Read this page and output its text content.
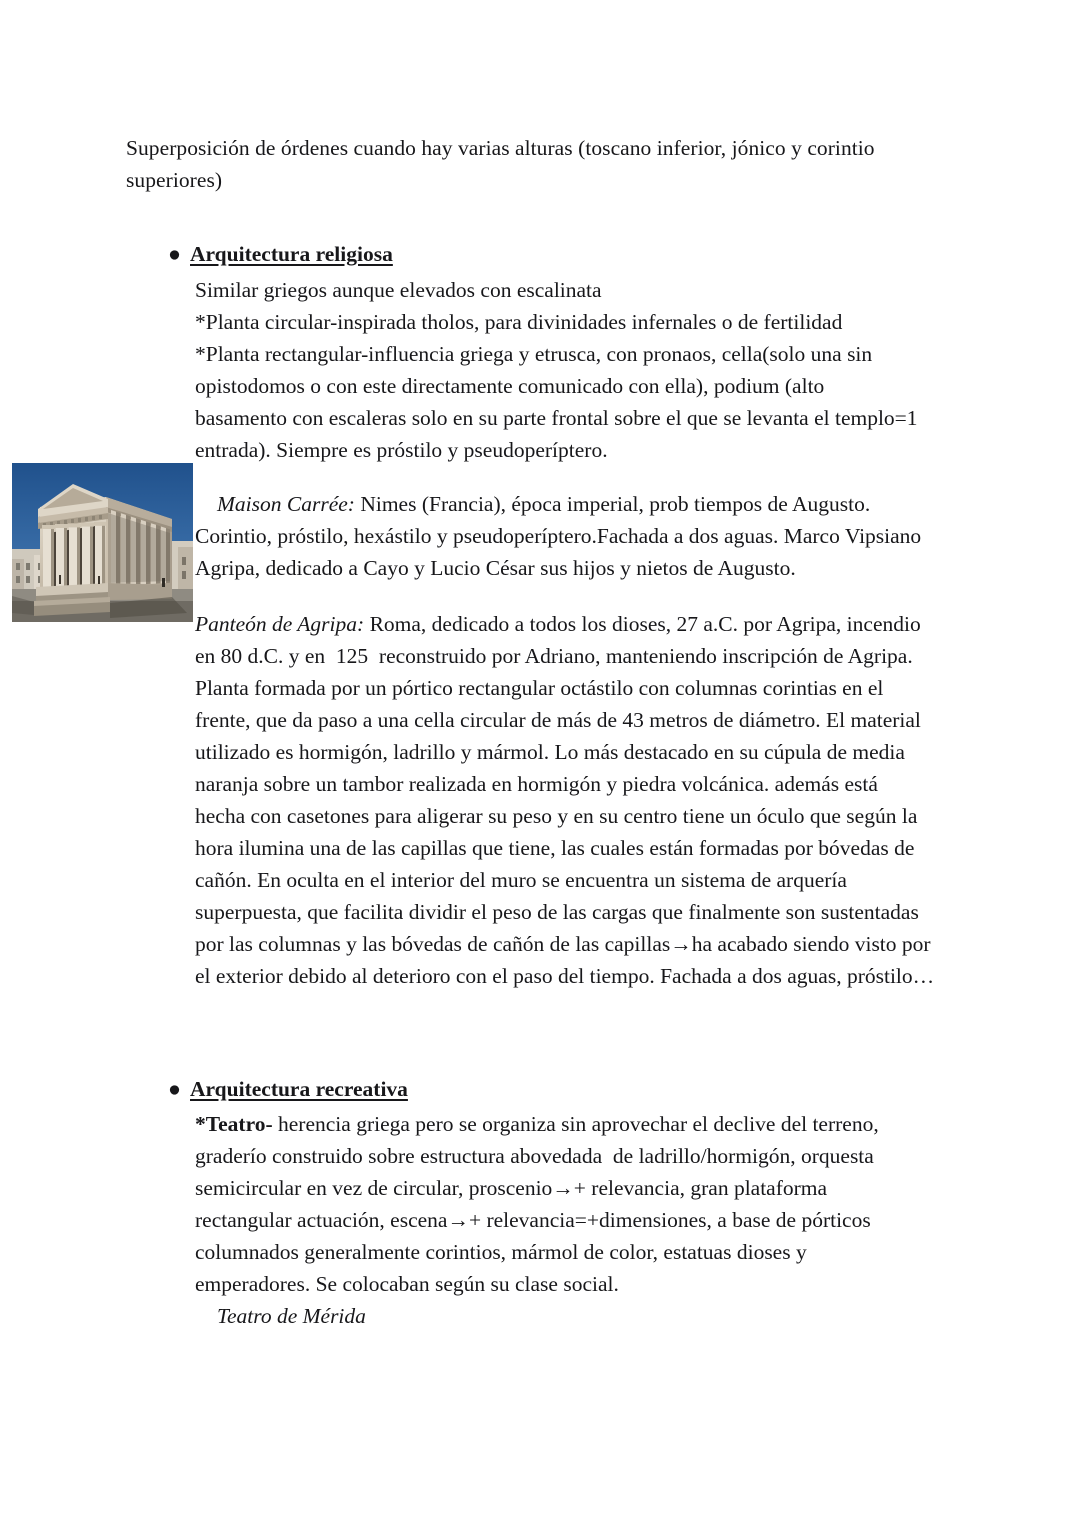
Superposición de órdenes cuando hay varias alturas (toscano inferior, jónico y corintio
superiores)
● Arquitectura religiosa
Similar griegos aunque elevados con escalinata
*Planta circular-inspirada tholos, para divinidades infernales o de fertilidad
*Planta rectangular-influencia griega y etrusca, con pronaos, cella(solo una sin
opistodomos o con este directamente comunicado con ella), podium (alto
basamento con escaleras solo en su parte frontal sobre el que se levanta el templo=1
entrada). Siempre es próstilo y pseudoperíptero.
Maison Carrée: Nimes (Francia), época imperial, prob tiempos de Augusto.
Corintio, próstilo, hexástilo y pseudoperíptero.Fachada a dos aguas. Marco Vipsiano
Agripa, dedicado a Cayo y Lucio César sus hijos y nietos de Augusto.
Panteón de Agripa: Roma, dedicado a todos los dioses, 27 a.C. por Agripa, incendio
en 80 d.C. y en  125  reconstruido por Adriano, manteniendo inscripción de Agripa.
Planta formada por un pórtico rectangular octástilo con columnas corintias en el
frente, que da paso a una cella circular de más de 43 metros de diámetro. El material
utilizado es hormigón, ladrillo y mármol. Lo más destacado en su cúpula de media
naranja sobre un tambor realizada en hormigón y piedra volcánica. además está
hecha con casetones para aligerar su peso y en su centro tiene un óculo que según la
hora ilumina una de las capillas que tiene, las cuales están formadas por bóvedas de
cañón. En oculta en el interior del muro se encuentra un sistema de arquería
superpuesta, que facilita dividir el peso de las cargas que finalmente son sustentadas
por las columnas y las bóvedas de cañón de las capillas→ha acabado siendo visto por
el exterior debido al deterioro con el paso del tiempo. Fachada a dos aguas, próstilo…
● Arquitectura recreativa
*Teatro- herencia griega pero se organiza sin aprovechar el declive del terreno,
graderío construido sobre estructura abovedada  de ladrillo/hormigón, orquesta
semicircular en vez de circular, proscenio→+ relevancia, gran plataforma
rectangular actuación, escena→+ relevancia=+dimensiones, a base de pórticos
columnados generalmente corintios, mármol de color, estatuas dioses y
emperadores. Se colocaban según su clase social.
Teatro de Mérida
